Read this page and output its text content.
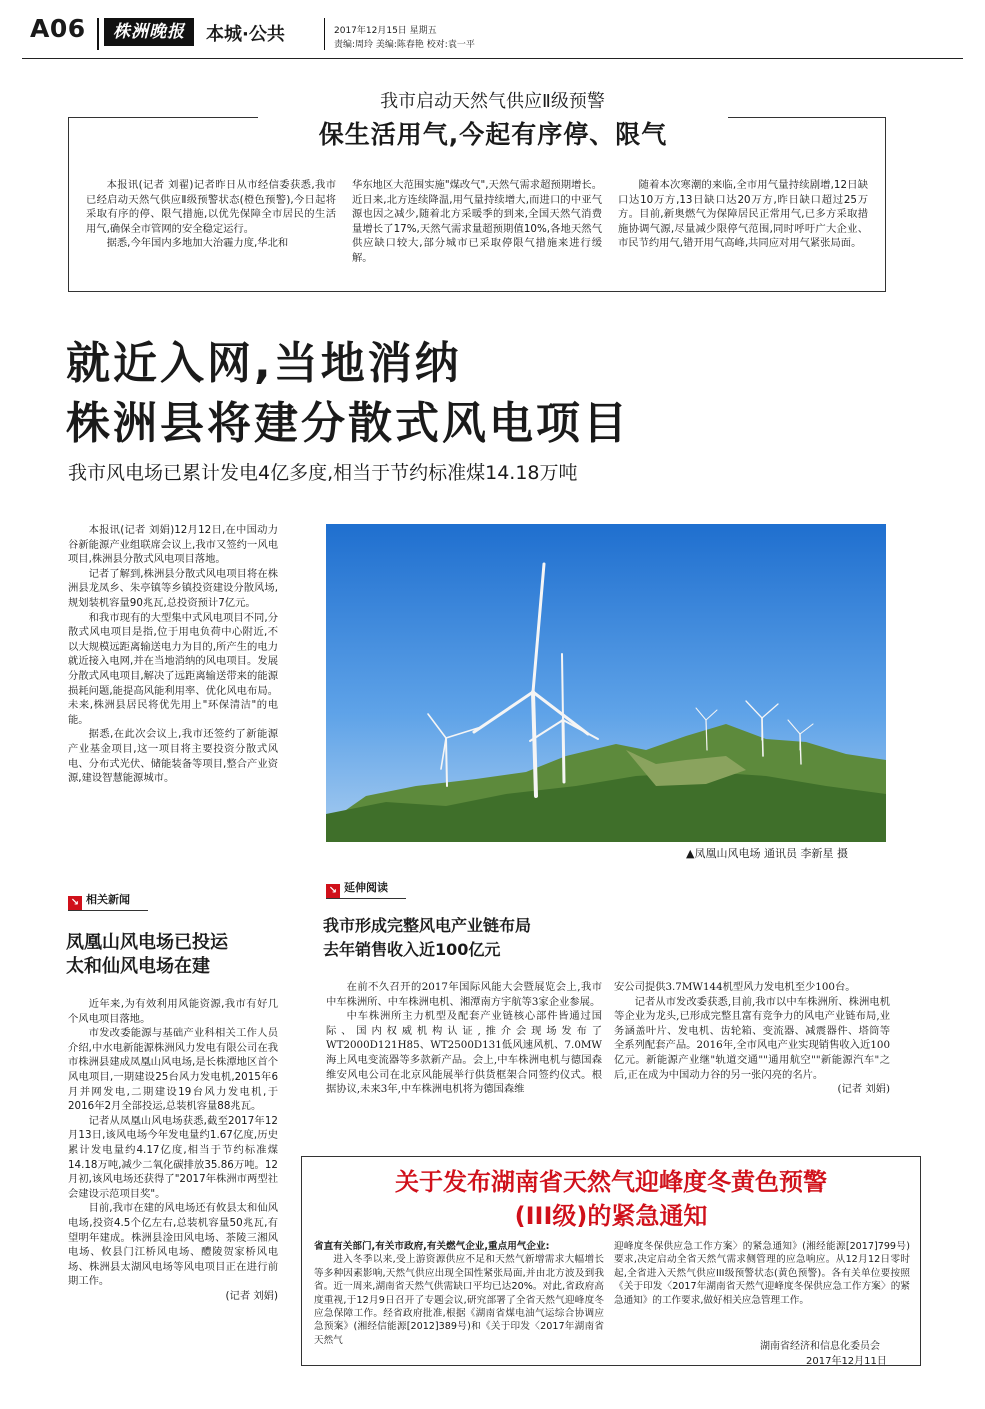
A06	株洲晚报	本城·公共	2017年12月15日 星期五
责编:周玲 美编:陈春艳 校对:袁一平
我市启动天然气供应Ⅱ级预警
保生活用气,今起有序停、限气

本报讯(记者 刘翟)记者昨日从市经信委获悉,我市已经启动天然气供应Ⅱ级预警状态(橙色预警),今日起将采取有序的停、限气措施,以优先保障全市居民的生活用气,确保全市管网的安全稳定运行。

据悉,今年国内多地加大治霾力度,华北和

华东地区大范围实施"煤改气",天然气需求超预期增长。近日来,北方连续降温,用气量持续增大,而进口的中亚气源也因之减少,随着北方采暖季的到来,全国天然气消费量增长了17%,天然气需求量超预期值10%,各地天然气供应缺口较大,部分城市已采取停限气措施来进行缓解。

随着本次寒潮的来临,全市用气量持续剧增,12日缺口达10万方,13日缺口达20万方,昨日缺口超过25万方。目前,新奥燃气为保障居民正常用气,已多方采取措施协调气源,尽量减少限停气范围,同时呼吁广大企业、市民节约用气,错开用气高峰,共同应对用气紧张局面。

就近入网,当地消纳
株洲县将建分散式风电项目
我市风电场已累计发电4亿多度,相当于节约标准煤14.18万吨

本报讯(记者 刘娟)12月12日,在中国动力谷新能源产业组联席会议上,我市又签约一风电项目,株洲县分散式风电项目落地。

记者了解到,株洲县分散式风电项目将在株洲县龙凤乡、朱亭镇等乡镇投资建设分散风场,规划装机容量90兆瓦,总投资预计7亿元。

和我市现有的大型集中式风电项目不同,分散式风电项目是指,位于用电负荷中心附近,不以大规模远距离输送电力为目的,所产生的电力就近接入电网,并在当地消纳的风电项目。发展分散式风电项目,解决了远距离输送带来的能源损耗问题,能提高风能利用率、优化风电布局。未来,株洲县居民将优先用上"环保清洁"的电能。

据悉,在此次会议上,我市还签约了新能源产业基金项目,这一项目将主要投资分散式风电、分布式光伏、储能装备等项目,整合产业资源,建设智慧能源城市。

▲凤凰山风电场 通讯员 李新星 摄
↘ 相关新闻
凤凰山风电场已投运
太和仙风电场在建

近年来,为有效利用风能资源,我市有好几个风电项目落地。

市发改委能源与基础产业科相关工作人员介绍,中水电新能源株洲风力发电有限公司在我市株洲县建成凤凰山风电场,是长株潭地区首个风电项目,一期建设25台风力发电机,2015年6月并网发电,二期建设19台风力发电机,于2016年2月全部投运,总装机容量88兆瓦。

记者从凤凰山风电场获悉,截至2017年12月13日,该风电场今年发电量约1.67亿度,历史累计发电量约4.17亿度,相当于节约标准煤14.18万吨,减少二氧化碳排放35.86万吨。12月初,该风电场还获得了"2017年株洲市两型社会建设示范项目奖"。

目前,我市在建的风电场还有攸县太和仙风电场,投资4.5个亿左右,总装机容量50兆瓦,有望明年建成。株洲县淦田风电场、茶陵三湘风电场、攸县门江桥风电场、醴陵贺家桥风电场、株洲县太湖风电场等风电项目正在进行前期工作。

(记者 刘娟)

↘ 延伸阅读
我市形成完整风电产业链布局
去年销售收入近100亿元

在前不久召开的2017年国际风能大会暨展览会上,我市中车株洲所、中车株洲电机、湘潭南方宇航等3家企业参展。

中车株洲所主力机型及配套产业链核心部件皆通过国际、国内权威机构认证,推介会现场发布了WT2000D121H85、WT2500D131低风速风机、7.0MW海上风电变流器等多款新产品。会上,中车株洲电机与德国森维安风电公司在北京风能展举行供货框架合同签约仪式。根据协议,未来3年,中车株洲电机将为德国森维

安公司提供3.7MW144机型风力发电机至少100台。

记者从市发改委获悉,目前,我市以中车株洲所、株洲电机等企业为龙头,已形成完整且富有竞争力的风电产业链布局,业务涵盖叶片、发电机、齿轮箱、变流器、减震器件、塔筒等全系列配套产品。2016年,全市风电产业实现销售收入近100亿元。新能源产业继"轨道交通""通用航空""新能源汽车"之后,正在成为中国动力谷的另一张闪亮的名片。

(记者 刘娟)

关于发布湖南省天然气迎峰度冬黄色预警
(III级)的紧急通知

省直有关部门,有关市政府,有关燃气企业,重点用气企业:

进入冬季以来,受上游资源供应不足和天然气新增需求大幅增长等多种因素影响,天然气供应出现全国性紧张局面,并由北方波及到我省。近一周来,湖南省天然气供需缺口平均已达20%。对此,省政府高度重视,于12月9日召开了专题会议,研究部署了全省天然气迎峰度冬应急保障工作。经省政府批准,根据《湖南省煤电油气运综合协调应急预案》(湘经信能源[2012]389号)和《关于印发〈2017年湖南省天然气

迎峰度冬保供应急工作方案〉的紧急通知》(湘经能源[2017]799号)要求,决定启动全省天然气需求侧管理的应急响应。从12月12日零时起,全省进入天然气供应III级预警状态(黄色预警)。各有关单位要按照《关于印发〈2017年湖南省天然气迎峰度冬保供应急工作方案〉的紧急通知》的工作要求,做好相关应急管理工作。

湖南省经济和信息化委员会
2017年12月11日
